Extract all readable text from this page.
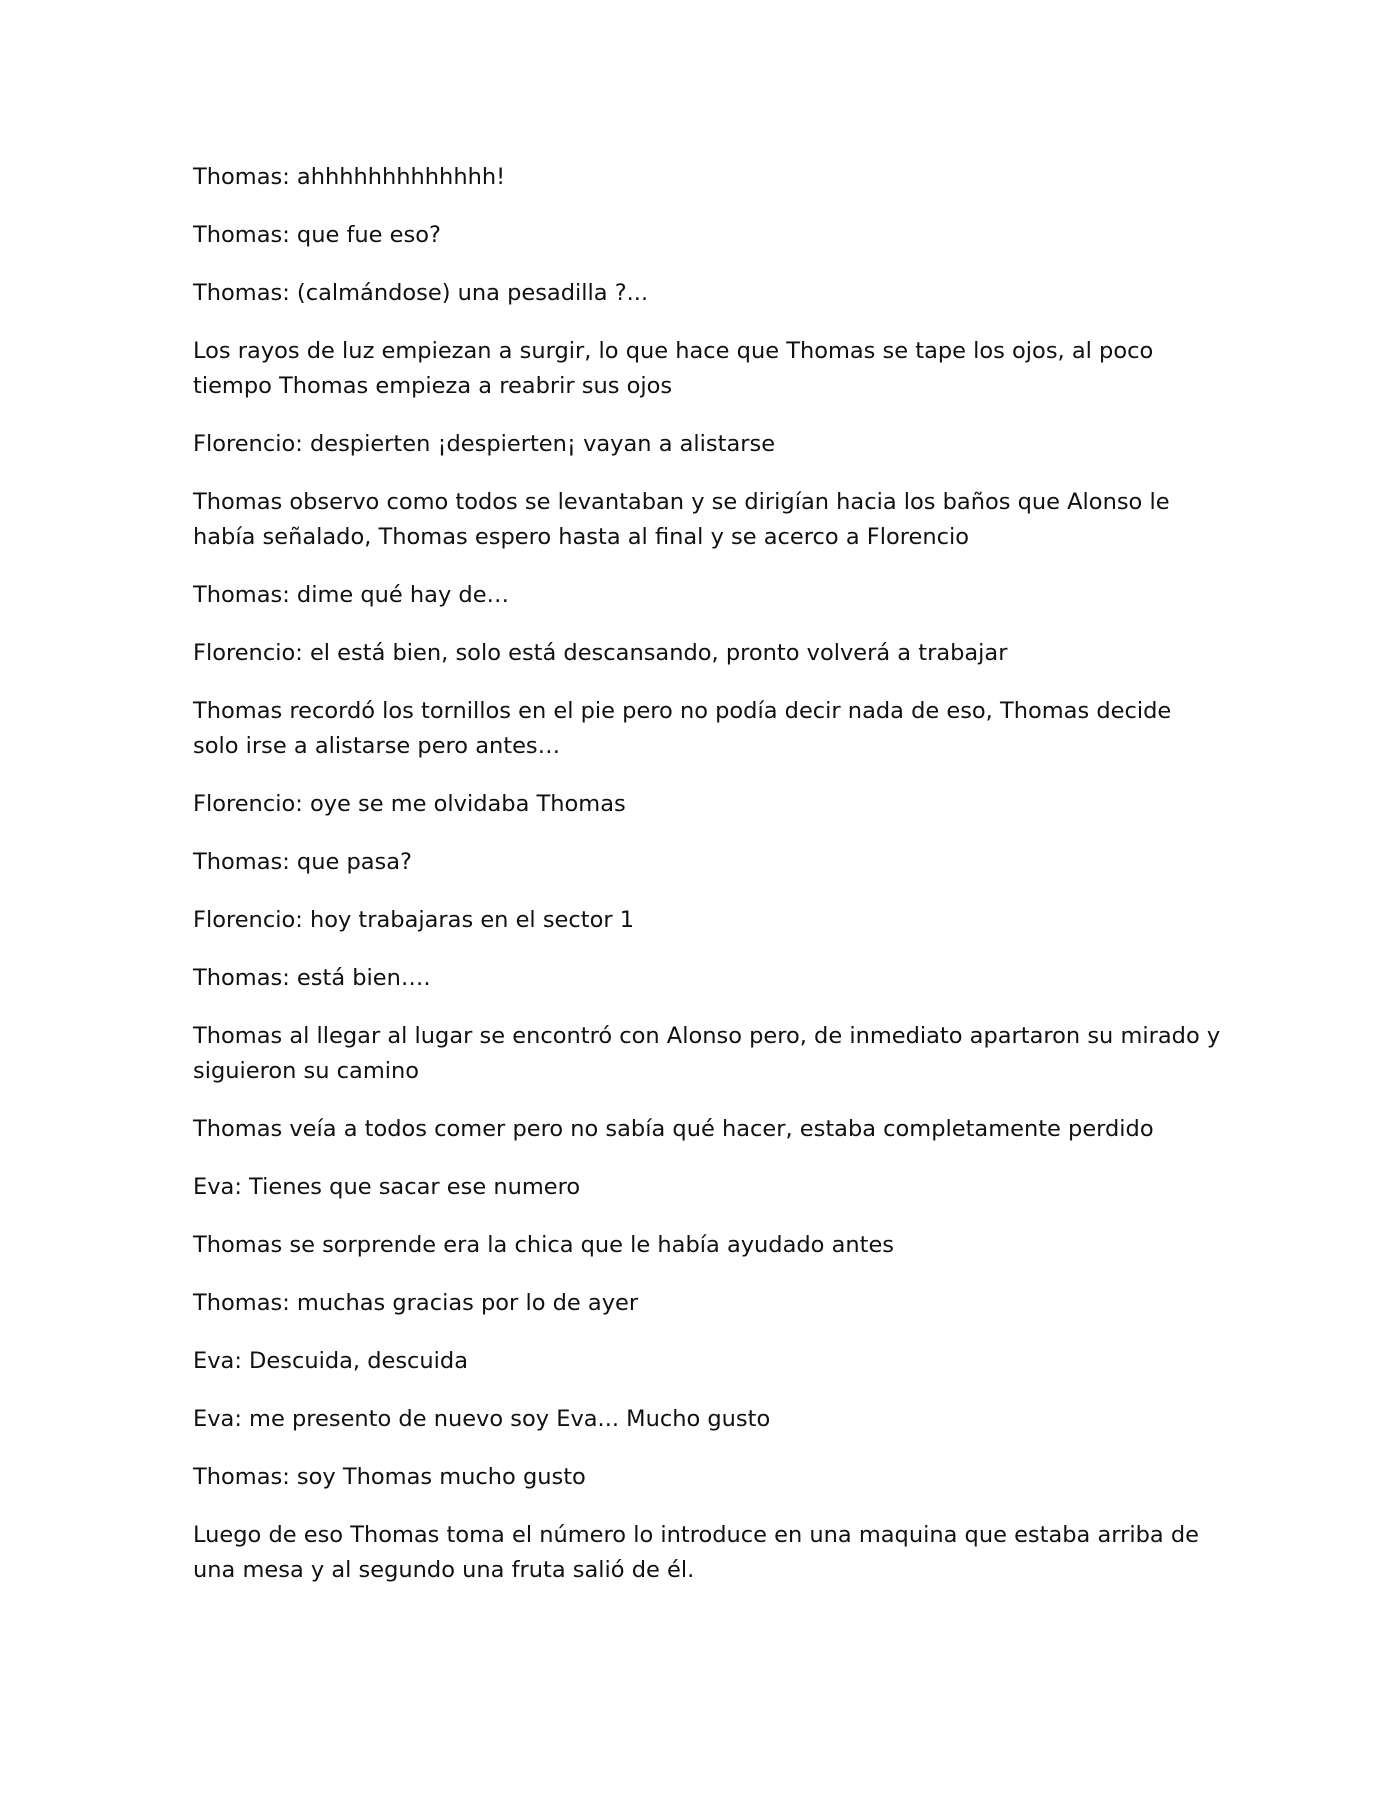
Thomas: ahhhhhhhhhhhhh!

Thomas: que fue eso?

Thomas: (calmándose) una pesadilla ?...

Los rayos de luz empiezan a surgir, lo que hace que Thomas se tape los ojos, al poco tiempo Thomas empieza a reabrir sus ojos

Florencio: despierten ¡despierten¡ vayan a alistarse

Thomas observo como todos se levantaban y se dirigían hacia los baños que Alonso le había señalado, Thomas espero hasta al final y se acerco a Florencio

Thomas: dime qué hay de…

Florencio: el está bien, solo está descansando, pronto volverá a trabajar

Thomas recordó los tornillos en el pie pero no podía decir nada de eso, Thomas decide solo irse a alistarse pero antes…

Florencio: oye se me olvidaba Thomas

Thomas: que pasa?

Florencio: hoy trabajaras en el sector 1

Thomas: está bien….

Thomas al llegar al lugar se encontró con Alonso pero, de inmediato apartaron su mirado y siguieron su camino

Thomas veía a todos comer pero no sabía qué hacer, estaba completamente perdido

Eva: Tienes que sacar ese numero

Thomas se sorprende era la chica que le había ayudado antes

Thomas: muchas gracias por lo de ayer

Eva: Descuida, descuida

Eva: me presento de nuevo soy Eva... Mucho gusto

Thomas: soy Thomas mucho gusto

Luego de eso Thomas toma el número lo introduce en una maquina que estaba arriba de una mesa y al segundo una fruta salió de él.
